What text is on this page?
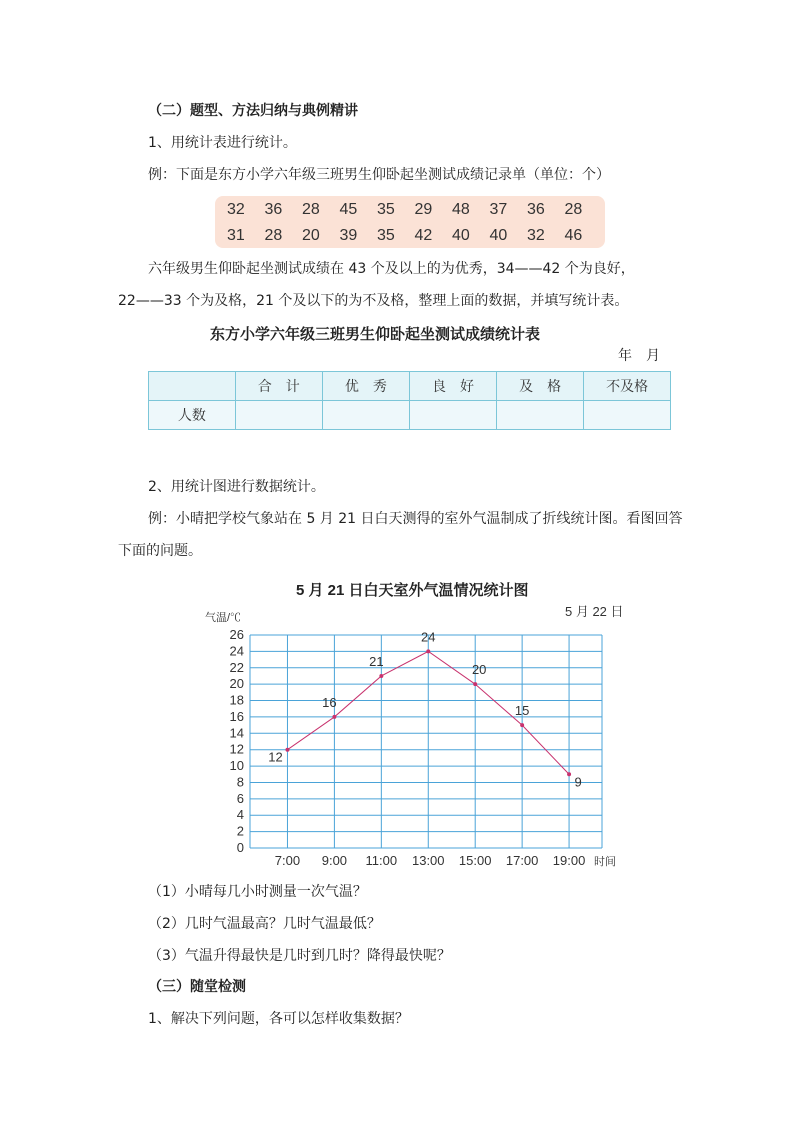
（二）题型、方法归纳与典例精讲
1、用统计表进行统计。
例：下面是东方小学六年级三班男生仰卧起坐测试成绩记录单（单位：个）
32	36	28	45	35	29	48	37	36	28
31	28	20	39	35	42	40	40	32	46
六年级男生仰卧起坐测试成绩在 43 个及以上的为优秀，34——42 个为良好，
22——33 个为及格，21 个及以下的为不及格，整理上面的数据，并填写统计表。
东方小学六年级三班男生仰卧起坐测试成绩统计表
年　月
	合　计	优　秀	良　好	及　格	不及格
人数					
2、用统计图进行数据统计。
例：小晴把学校气象站在 5 月 21 日白天测得的室外气温制成了折线统计图。看图回答
下面的问题。
5 月 21 日白天室外气温情况统计图
0
2
4
6
8
10
12
14
16
18
20
22
24
26
气温/℃	5 月 22 日
7:00 9:00 11:00 13:00 15:00 17:00 19:00 时间
12
16
21
24
20
15
9
（1）小晴每几小时测量一次气温？
（2）几时气温最高？几时气温最低？
（3）气温升得最快是几时到几时？降得最快呢？
（三）随堂检测
1、解决下列问题，各可以怎样收集数据？
